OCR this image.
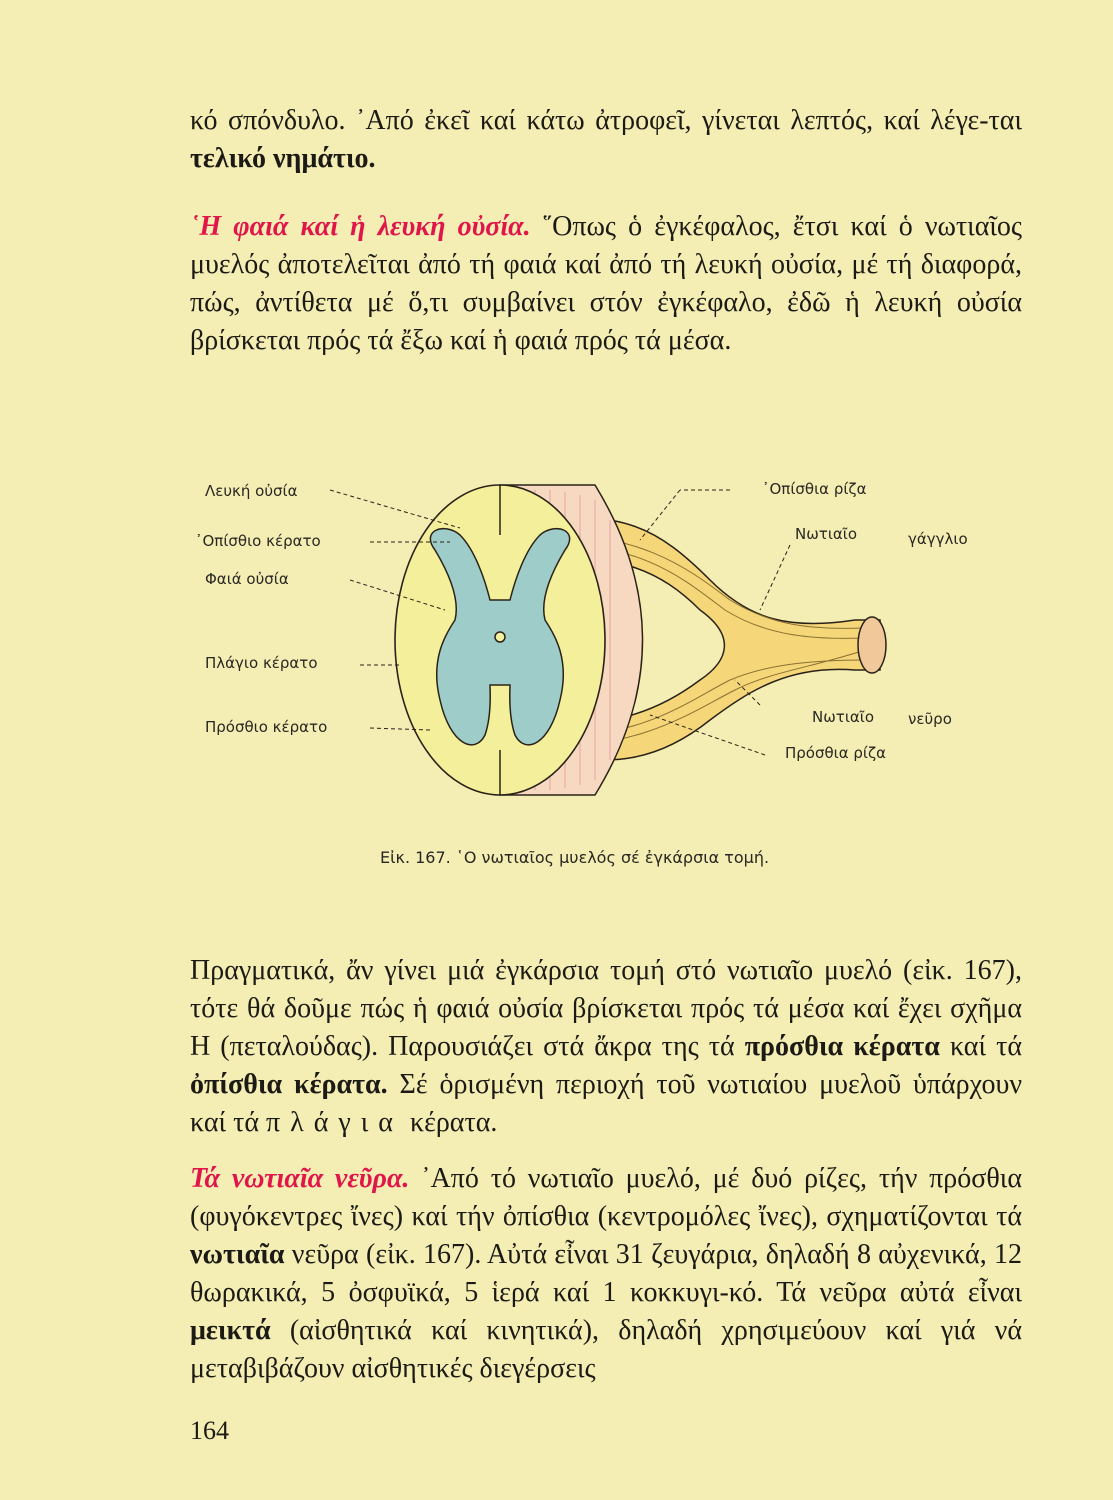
κό σπόνδυλο. ᾿Από ἐκεῖ καί κάτω ἀτροφεῖ, γίνεται λεπτός, καί λέγε-ται τελικό νημάτιο.

῾Η φαιά καί ἡ λευκή οὐσία. ῞Οπως ὁ ἐγκέφαλος, ἔτσι καί ὁ νωτιαῖος μυελός ἀποτελεῖται ἀπό τή φαιά καί ἀπό τή λευκή οὐσία, μέ τή διαφορά, πώς, ἀντίθετα μέ ὅ,τι συμβαίνει στόν ἐγκέφαλο, ἐδῶ ἡ λευκή οὐσία βρίσκεται πρός τά ἔξω καί ἡ φαιά πρός τά μέσα.

Λευκή οὐσία

᾿Οπίσθιο κέρατο

Φαιά οὐσία

Πλάγιο κέρατο

Πρόσθιο κέρατο

᾿Οπίσθια ρίζα

Νωτιαῖο	γάγγλιο

Νωτιαῖο νεῦρο

Πρόσθια ρίζα

Εἰκ. 167. ῾Ο νωτιαῖος μυελός σέ ἐγκάρσια τομή.

Πραγματικά, ἄν γίνει μιά ἐγκάρσια τομή στό νωτιαῖο μυελό (εἰκ. 167), τότε θά δοῦμε πώς ἡ φαιά οὐσία βρίσκεται πρός τά μέσα καί ἔχει σχῆμα Η (πεταλούδας). Παρουσιάζει στά ἄκρα της τά πρόσθια κέρατα καί τά ὀπίσθια κέρατα. Σέ ὁρισμένη περιοχή τοῦ νωτιαίου μυελοῦ ὑπάρχουν καί τά πλάγια κέρατα.

Τά νωτιαῖα νεῦρα. ᾿Από τό νωτιαῖο μυελό, μέ δυό ρίζες, τήν πρόσθια (φυγόκεντρες ἴνες) καί τήν ὀπίσθια (κεντρομόλες ἴνες), σχηματίζονται τά νωτιαῖα νεῦρα (εἰκ. 167). Αὐτά εἶναι 31 ζευγάρια, δηλαδή 8 αὐχενικά, 12 θωρακικά, 5 ὀσφυϊκά, 5 ἱερά καί 1 κοκκυγι-κό. Τά νεῦρα αὐτά εἶναι μεικτά (αἰσθητικά καί κινητικά), δηλαδή χρησιμεύουν καί γιά νά μεταβιβάζουν αἰσθητικές διεγέρσεις

164
